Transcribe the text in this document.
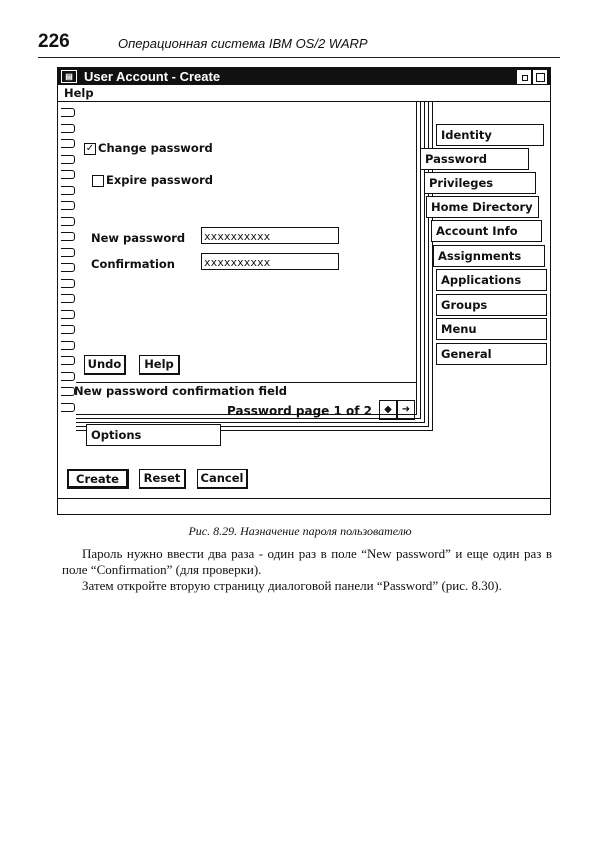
226	Операционная система IBM OS/2 WARP
▤ User Account - Create
Help
✓ Change password
Expire password
New password xxxxxxxxxx
Confirmation	xxxxxxxxxx
Undo	Help
New password confirmation field
Password page 1 of 2	◆ ➜
Identity
Password
Privileges
Home Directory
Account Info
Assignments
Applications
Groups
Menu
General
Options
Create	Reset	Cancel
Рис. 8.29. Назначение пароля пользователю

Пароль нужно ввести два раза - один раз в поле “New password” и еще один раз в поле “Confirmation” (для проверки).

Затем откройте вторую страницу диалоговой панели “Password” (рис. 8.30).
